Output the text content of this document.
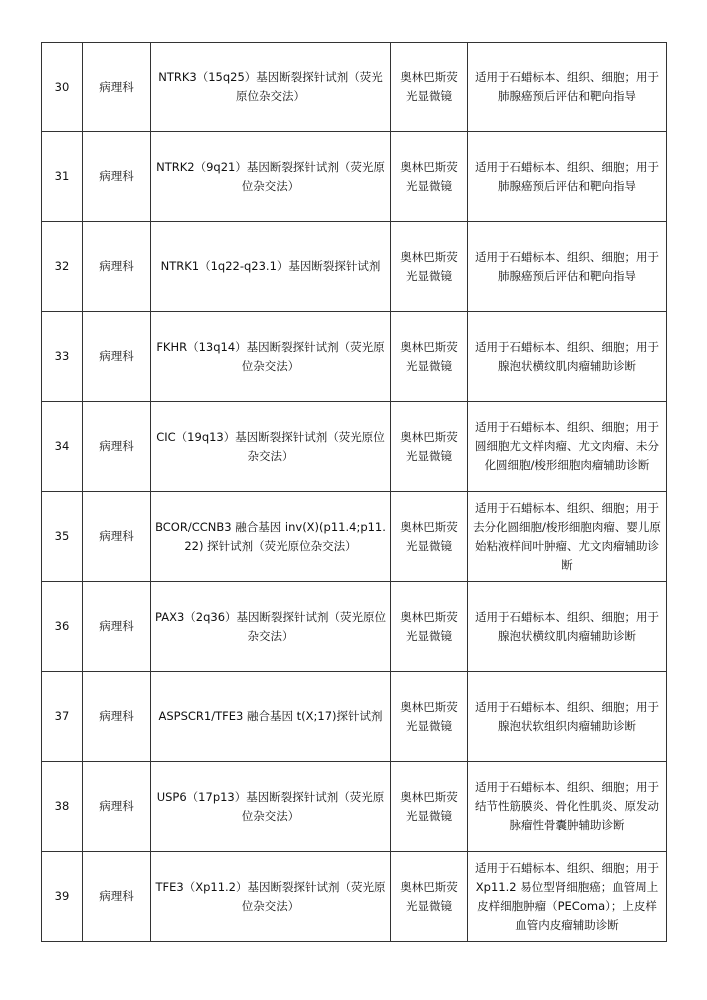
30	病理科	NTRK3（15q25）基因断裂探针试剂（荧光原位杂交法）	奥林巴斯荧光显微镜	适用于石蜡标本、组织、细胞；用于肺腺癌预后评估和靶向指导
31	病理科	NTRK2（9q21）基因断裂探针试剂（荧光原位杂交法）	奥林巴斯荧光显微镜	适用于石蜡标本、组织、细胞；用于肺腺癌预后评估和靶向指导
32	病理科	NTRK1（1q22-q23.1）基因断裂探针试剂	奥林巴斯荧光显微镜	适用于石蜡标本、组织、细胞；用于肺腺癌预后评估和靶向指导
33	病理科	FKHR（13q14）基因断裂探针试剂（荧光原位杂交法）	奥林巴斯荧光显微镜	适用于石蜡标本、组织、细胞；用于腺泡状横纹肌肉瘤辅助诊断
34	病理科	CIC（19q13）基因断裂探针试剂（荧光原位杂交法）	奥林巴斯荧光显微镜	适用于石蜡标本、组织、细胞；用于圆细胞尤文样肉瘤、尤文肉瘤、未分化圆细胞/梭形细胞肉瘤辅助诊断
35	病理科	BCOR/CCNB3 融合基因 inv(X)(p11.4;p11.22) 探针试剂（荧光原位杂交法）	奥林巴斯荧光显微镜	适用于石蜡标本、组织、细胞；用于去分化圆细胞/梭形细胞肉瘤、婴儿原始粘液样间叶肿瘤、尤文肉瘤辅助诊断
36	病理科	PAX3（2q36）基因断裂探针试剂（荧光原位杂交法）	奥林巴斯荧光显微镜	适用于石蜡标本、组织、细胞；用于腺泡状横纹肌肉瘤辅助诊断
37	病理科	ASPSCR1/TFE3 融合基因 t(X;17)探针试剂	奥林巴斯荧光显微镜	适用于石蜡标本、组织、细胞；用于腺泡状软组织肉瘤辅助诊断
38	病理科	USP6（17p13）基因断裂探针试剂（荧光原位杂交法）	奥林巴斯荧光显微镜	适用于石蜡标本、组织、细胞；用于结节性筋膜炎、骨化性肌炎、原发动脉瘤性骨囊肿辅助诊断
39	病理科	TFE3（Xp11.2）基因断裂探针试剂（荧光原位杂交法）	奥林巴斯荧光显微镜	适用于石蜡标本、组织、细胞；用于 Xp11.2 易位型肾细胞癌；血管周上皮样细胞肿瘤（PEComa）；上皮样血管内皮瘤辅助诊断
